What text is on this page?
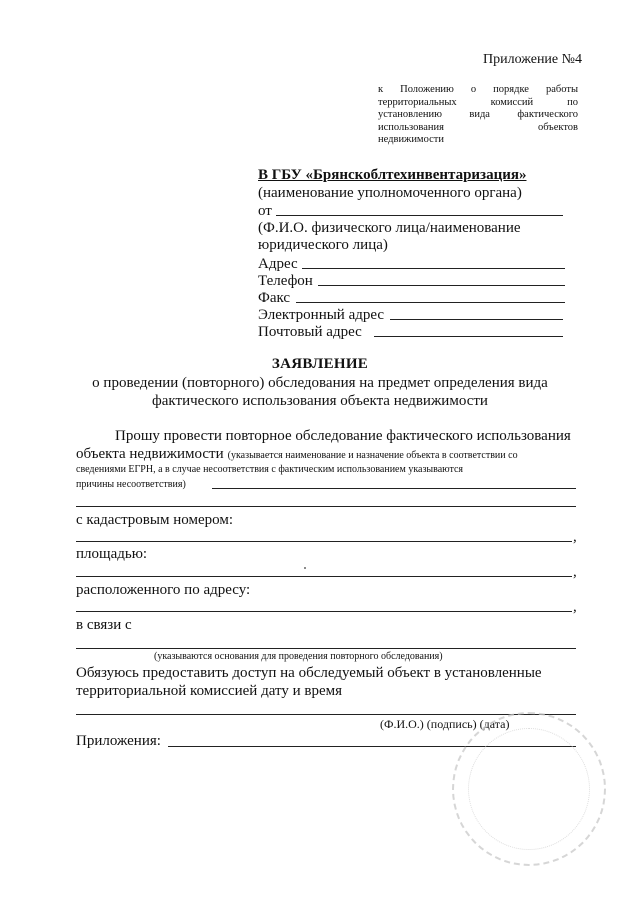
Приложение №4
к Положению о порядке работы
территориальных комиссий по
установлению вида фактического
использования объектов
недвижимости
В ГБУ «Брянскоблтехинвентаризация»
(наименование уполномоченного органа)
от
(Ф.И.О. физического лица/наименование
юридического лица)
Адрес
Телефон
Факс
Электронный адрес
Почтовый адрес
ЗАЯВЛЕНИЕ
о проведении (повторного) обследования на предмет определения вида
фактического использования объекта недвижимости
Прошу провести повторное обследование фактического использования
объекта недвижимости (указывается наименование и назначение объекта в соответствии со
сведениями ЕГРН, а в случае несоответствия с фактическим использованием указываются
причины несоответствия)
с кадастровым номером:
,
площадью:
,
расположенного по адресу:
,
в связи с
(указываются основания для проведения повторного обследования)
Обязуюсь предоставить доступ на обследуемый объект в установленные
территориальной комиссией дату и время
(Ф.И.О.) (подпись) (дата)
Приложения:
